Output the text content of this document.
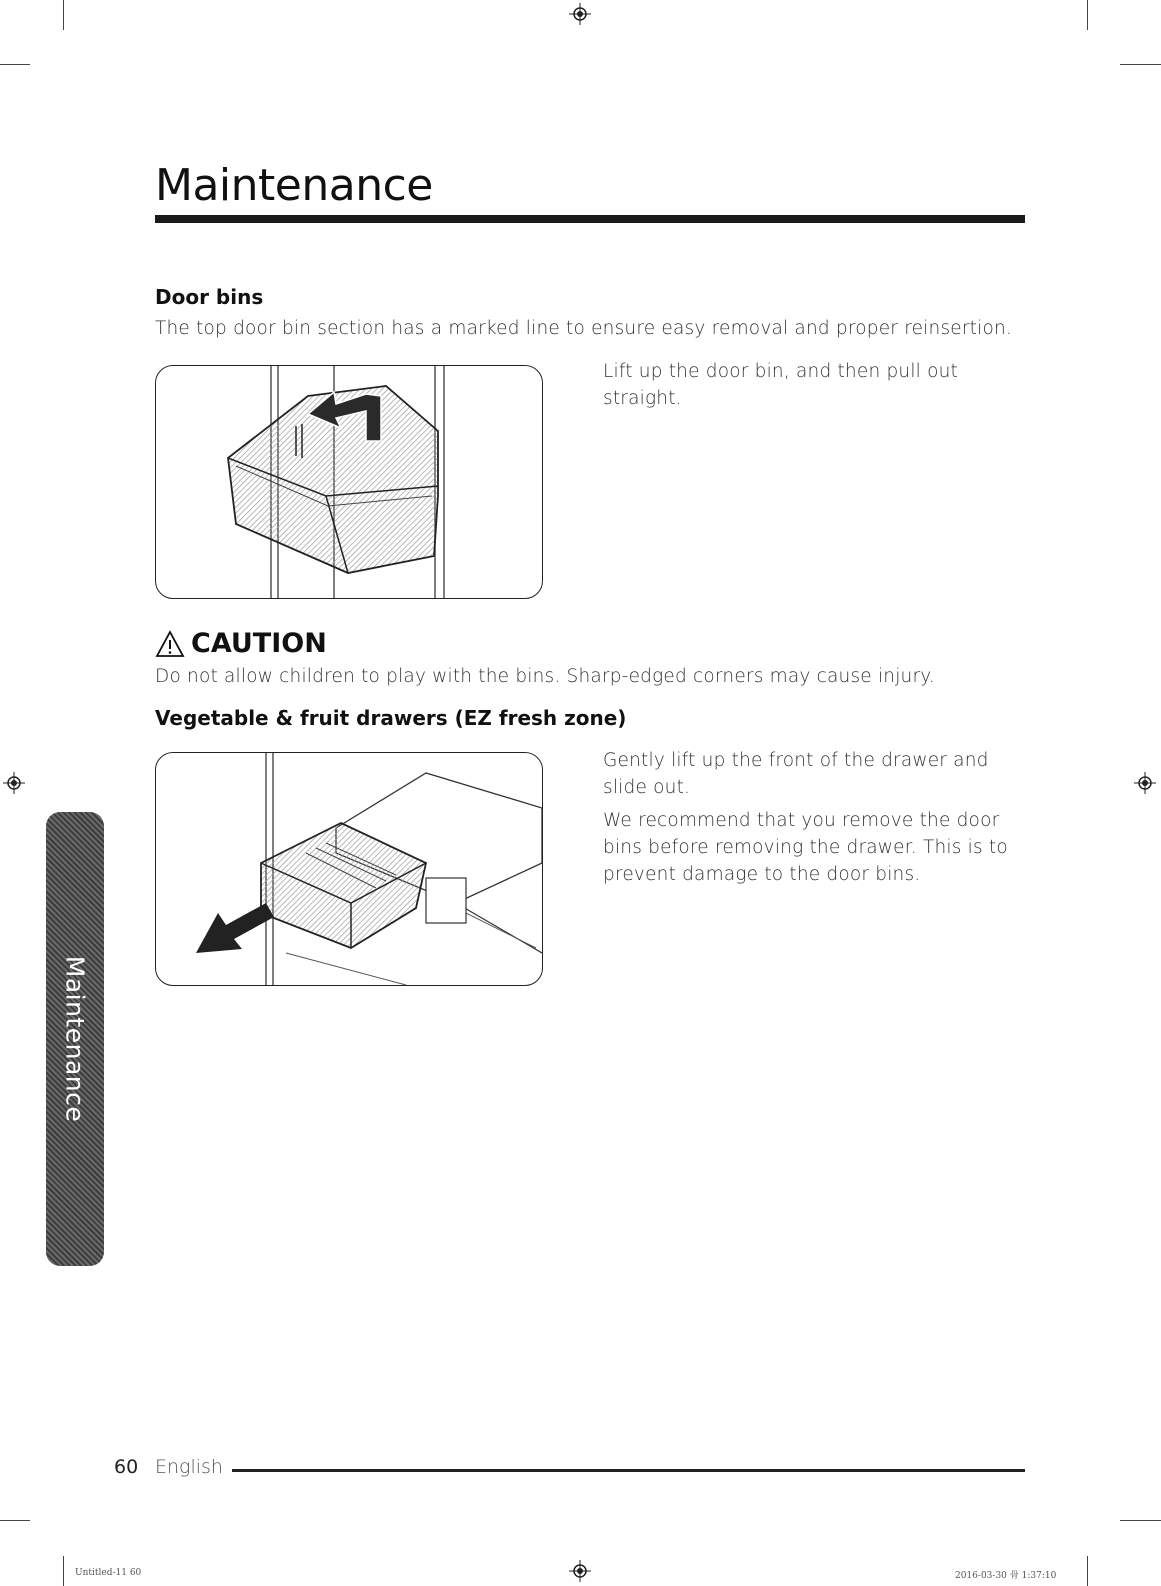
Maintenance
Door bins
The top door bin section has a marked line to ensure easy removal and proper reinsertion.
Lift up the door bin, and then pull out
straight.
CAUTION
Do not allow children to play with the bins. Sharp-edged corners may cause injury.
Vegetable & fruit drawers (EZ fresh zone)
Gently lift up the front of the drawer and
slide out.
We recommend that you remove the door
bins before removing the drawer. This is to
prevent damage to the door bins.
Maintenance
60 English
Untitled-11 60	2016-03-30 ⻣ 1:37:10
